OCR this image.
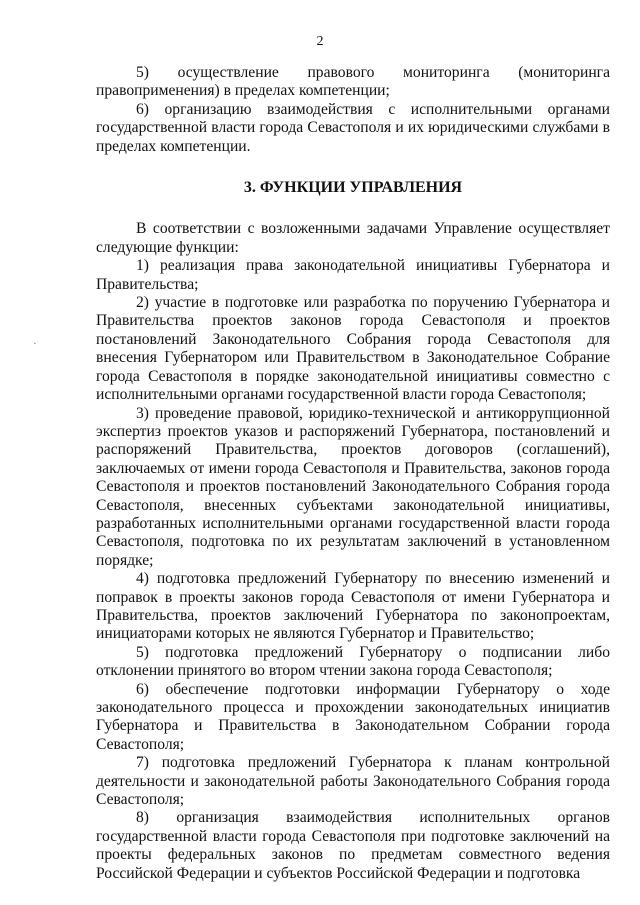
2
·

5) осуществление правового мониторинга (мониторинга правоприменения) в пределах компетенции;

6) организацию взаимодействия с исполнительными органами государственной власти города Севастополя и их юридическими службами в пределах компетенции.

3. ФУНКЦИИ УПРАВЛЕНИЯ

В соответствии с возложенными задачами Управление осуществляет следующие функции:

1) реализация права законодательной инициативы Губернатора и Правительства;

2) участие в подготовке или разработка по поручению Губернатора и Правительства проектов законов города Севастополя и проектов постановлений Законодательного Собрания города Севастополя для внесения Губернатором или Правительством в Законодательное Собрание города Севастополя в порядке законодательной инициативы совместно с исполнительными органами государственной власти города Севастополя;

3) проведение правовой, юридико-технической и антикоррупционной экспертиз проектов указов и распоряжений Губернатора, постановлений и распоряжений Правительства, проектов договоров (соглашений), заключаемых от имени города Севастополя и Правительства, законов города Севастополя и проектов постановлений Законодательного Собрания города Севастополя, внесенных субъектами законодательной инициативы, разработанных исполнительными органами государственной власти города Севастополя, подготовка по их результатам заключений в установленном порядке;

4) подготовка предложений Губернатору по внесению изменений и поправок в проекты законов города Севастополя от имени Губернатора и Правительства, проектов заключений Губернатора по законопроектам, инициаторами которых не являются Губернатор и Правительство;

5) подготовка предложений Губернатору о подписании либо отклонении принятого во втором чтении закона города Севастополя;

6) обеспечение подготовки информации Губернатору о ходе законодательного процесса и прохождении законодательных инициатив Губернатора и Правительства в Законодательном Собрании города Севастополя;

7) подготовка предложений Губернатора к планам контрольной деятельности и законодательной работы Законодательного Собрания города Севастополя;

8) организация взаимодействия исполнительных органов государственной власти города Севастополя при подготовке заключений на проекты федеральных законов по предметам совместного ведения Российской Федерации и субъектов Российской Федерации и подготовка
